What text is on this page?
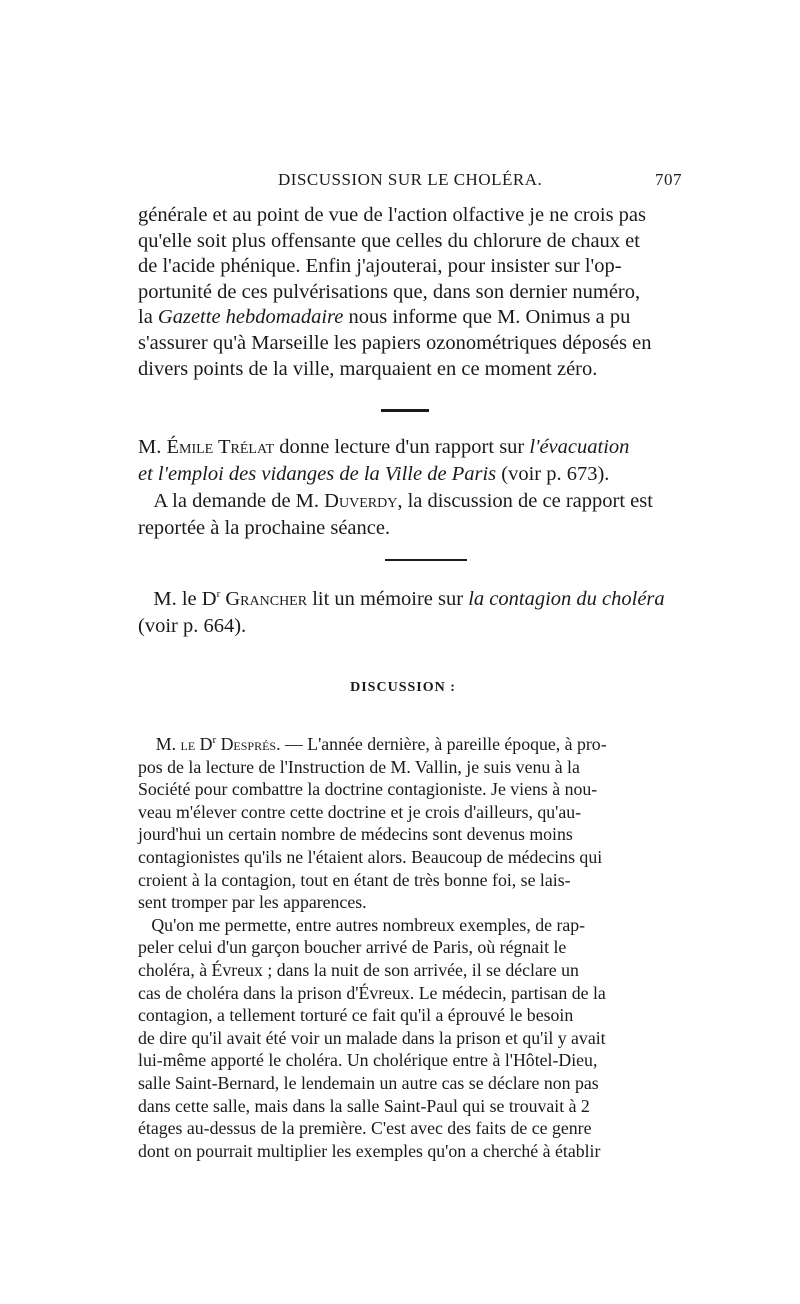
DISCUSSION SUR LE CHOLÉRA.	707
générale et au point de vue de l'action olfactive je ne crois pas
qu'elle soit plus offensante que celles du chlorure de chaux et
de l'acide phénique. Enfin j'ajouterai, pour insister sur l'op-
portunité de ces pulvérisations que, dans son dernier numéro,
la Gazette hebdomadaire nous informe que M. Onimus a pu
s'assurer qu'à Marseille les papiers ozonométriques déposés en
divers points de la ville, marquaient en ce moment zéro.
M. Émile Trélat donne lecture d'un rapport sur l'évacuation
et l'emploi des vidanges de la Ville de Paris (voir p. 673).
A la demande de M. Duverdy, la discussion de ce rapport est
reportée à la prochaine séance.
M. le $D^r$ Grancher lit un mémoire sur la contagion du choléra
(voir p. 664).
DISCUSSION :
M. le $D^r$ Després. — L'année dernière, à pareille époque, à pro-
pos de la lecture de l'Instruction de M. Vallin, je suis venu à la
Société pour combattre la doctrine contagioniste. Je viens à nou-
veau m'élever contre cette doctrine et je crois d'ailleurs, qu'au-
jourd'hui un certain nombre de médecins sont devenus moins
contagionistes qu'ils ne l'étaient alors. Beaucoup de médecins qui
croient à la contagion, tout en étant de très bonne foi, se lais-
sent tromper par les apparences.
Qu'on me permette, entre autres nombreux exemples, de rap-
peler celui d'un garçon boucher arrivé de Paris, où régnait le
choléra, à Évreux ; dans la nuit de son arrivée, il se déclare un
cas de choléra dans la prison d'Évreux. Le médecin, partisan de la
contagion, a tellement torturé ce fait qu'il a éprouvé le besoin
de dire qu'il avait été voir un malade dans la prison et qu'il y avait
lui-même apporté le choléra. Un cholérique entre à l'Hôtel-Dieu,
salle Saint-Bernard, le lendemain un autre cas se déclare non pas
dans cette salle, mais dans la salle Saint-Paul qui se trouvait à 2
étages au-dessus de la première. C'est avec des faits de ce genre
dont on pourrait multiplier les exemples qu'on a cherché à établir
